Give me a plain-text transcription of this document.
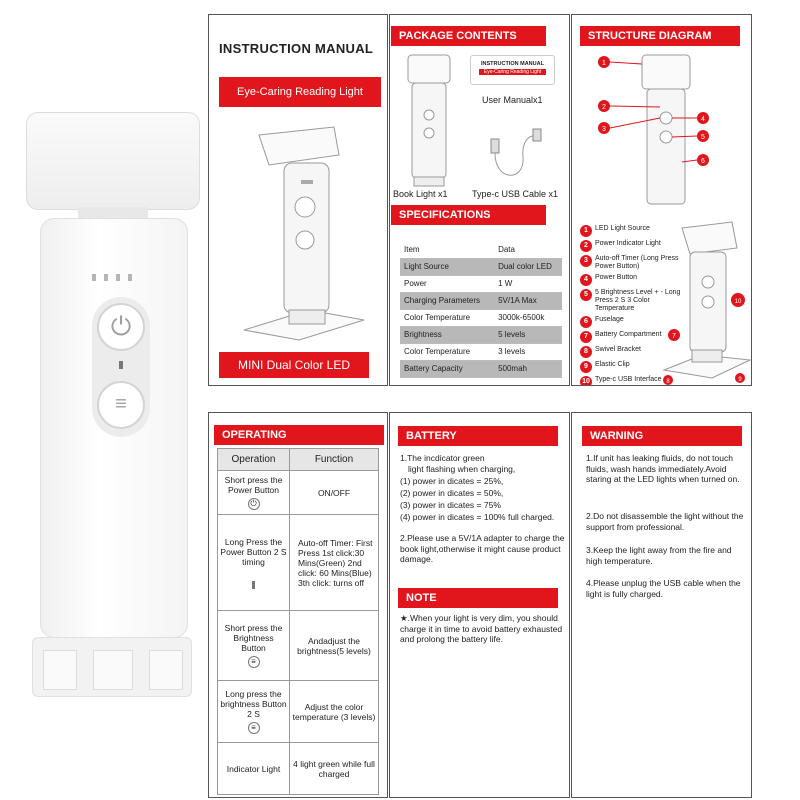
⏻
≡
INSTRUCTION MANUAL
Eye-Caring Reading Light
MINI Dual Color LED
PACKAGE CONTENTS
INSTRUCTION MANUAL
Eye-Caring Reading Light
User Manualx1
Book Light x1	Type-c USB Cable x1
SPECIFICATIONS
Item	Data
Light Source	Dual color LED
Power	1 W
Charging Parameters	5V/1A Max
Color Temperature	3000k-6500k
Brightness	5 levels
Color Temperature	3 levels
Battery Capacity	500mah
STRUCTURE DIAGRAM
1
2
3
4
5
6
1	LED Light Source
2	Power Indicator Light
3	Auto-off Timer (Long Press Power Button)
4	Power Button
5	5 Brightness Level + - Long Press 2 S 3 Color Temperature
6	Fuselage
7	Battery Compartment
8	Swivel Bracket
9	Elastic Clip
10 Type-c USB Interface
10
7
8	9
OPERATING
Operation	Function

Short press the Power Button
⏻	ON/OFF

Long Press the Power Button 2 S timing	Auto-off Timer: First Press 1st click:30 Mins(Green) 2nd click: 60 Mins(Blue) 3th click: turns off

Short press the Brightness Button
≡	Andadjust the brightness(5 levels)

Long press the brightness Button 2 S
≡	Adjust the color temperature (3 levels)
Indicator Light	4 light green while full charged
BATTERY
1.The incdicator green
light flashing when charging,
(1) power in dicates = 25%,
(2) power in dicates = 50%,
(3) power in dicates = 75%
(4) power in dicates = 100% full charged.
2.Please use a 5V/1A adapter to charge the book light,otherwise it might cause product damage.
NOTE
★.When your light is very dim, you should charge it in time to avoid battery exhausted and prolong the battery life.
WARNING
1.If unit has leaking fluids, do not touch fluids, wash hands immediately.Avoid staring at the LED lights when turned on.
2.Do not disassemble the light without the support from professional.
3.Keep the light away from the fire and high temperature.
4.Please unplug the USB cable when the light is fully charged.
